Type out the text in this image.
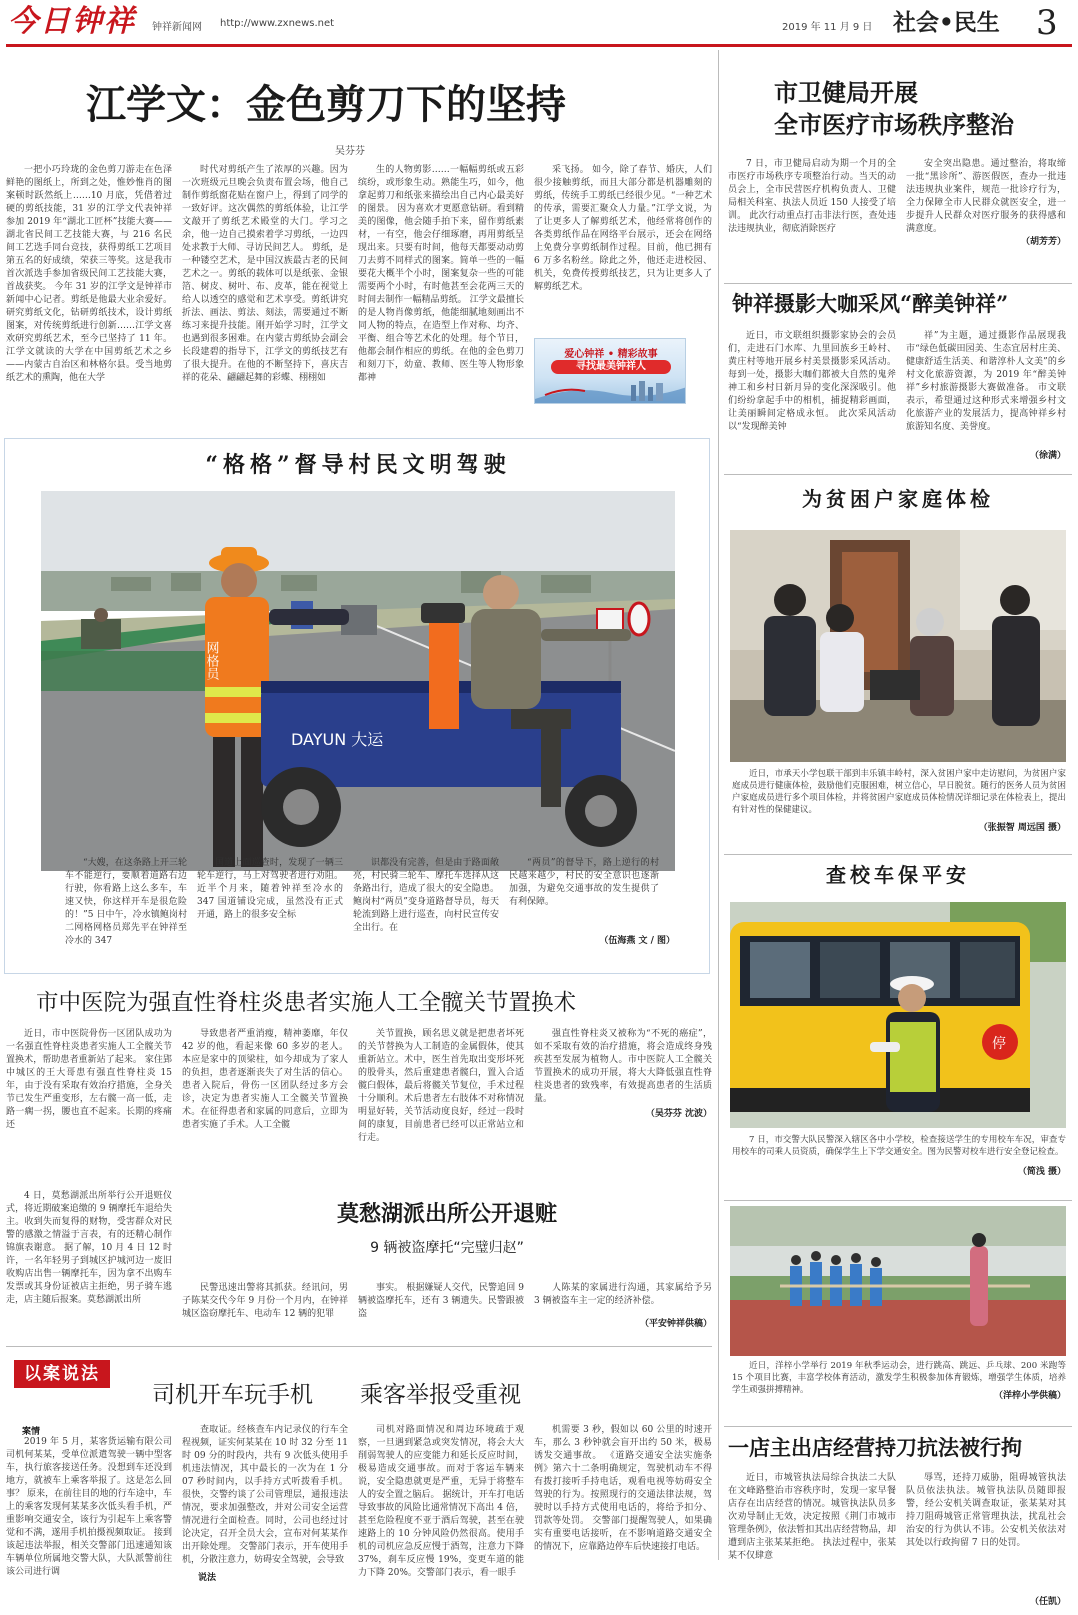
今日钟祥 钟祥新闻网 http://www.zxnews.net	2019 年 11 月 9 日 社会•民生 3
江学文：金色剪刀下的坚持
吴芬芬
一把小巧玲珑的金色剪刀游走在色泽鲜艳的图纸上，所到之处，惟妙惟肖的图案顿时跃然纸上……10 月底，凭借着过硬的剪纸技能，31 岁的江学文代表钟祥参加 2019 年“湖北工匠杯”技能大赛——湖北省民间工艺技能大赛，与 216 名民间工艺选手同台竞技，获得剪纸工艺项目第五名的好成绩，荣获三等奖。这是我市首次派选手参加省级民间工艺技能大赛，首战获奖。 今年 31 岁的江学文是钟祥市新闻中心记者。剪纸是他最大业余爱好。研究剪纸文化，钻研剪纸技术，设计剪纸图案，对传统剪纸进行创新……江学文喜欢研究剪纸艺术，至今已坚持了 11 年。 江学文就读的大学在中国剪纸艺术之乡——内蒙古自治区和林格尔县。受当地剪纸艺术的熏陶，他在大学
时代对剪纸产生了浓厚的兴趣。因为一次班级元旦晚会负责布置会场，他自己制作剪纸窗花贴在窗户上，得到了同学的一致好评。这次偶然的剪纸体验，让江学文敲开了剪纸艺术殿堂的大门。学习之余，他一边自己摸索着学习剪纸，一边四处求教于大师、寻访民间艺人。 剪纸，是一种镂空艺术，是中国汉族最古老的民间艺术之一。剪纸的载体可以是纸张、金银箔、树皮、树叶、布、皮革，能在视觉上给人以透空的感觉和艺术享受。剪纸讲究折法、画法、剪法、刻法，需要通过不断练习来提升技能。刚开始学习时，江学文也遇到很多困难。在内蒙古剪纸协会副会长段建碧的指导下，江学文的剪纸技艺有了很大提升。在他的不断坚持下，喜庆吉祥的花朵、翩翩起舞的彩蝶、栩栩如
生的人物剪影……一幅幅剪纸或五彩缤纷，或形象生动。熟能生巧，如今，他拿起剪刀和纸张来描绘出自己内心最美好的图景。 因为喜欢才更愿意钻研。看到精美的图像，他会随手拍下来，留作剪纸素材，一有空，他会仔细琢磨，再用剪纸呈现出来。只要有时间，他每天都要动动剪刀去剪不同样式的图案。简单一些的一幅要花大概半个小时，图案复杂一些的可能需要两个小时，有时他甚至会花两三天的时间去制作一幅精品剪纸。 江学文最擅长的是人物肖像剪纸，他能细腻地刻画出不同人物的特点，在造型上作对称、均齐、平衡、组合等艺术化的处理。每个节日，他都会制作相应的剪纸。在他的金色剪刀和刻刀下，幼童、教师、医生等人物形象都神
采飞扬。 如今，除了春节、婚庆，人们很少接触剪纸，而且大部分都是机器雕刻的剪纸，传统手工剪纸已经很少见。“一种艺术的传承，需要汇聚众人力量。”江学文说，为了让更多人了解剪纸艺术，他经常将创作的各类剪纸作品在网络平台展示，还会在网络上免费分享剪纸制作过程。目前，他已拥有 6 万多名粉丝。除此之外，他还走进校园、机关，免费传授剪纸技艺，只为让更多人了解剪纸艺术。
爱心钟祥 • 精彩故事
寻找最美钟祥人
市卫健局开展
全市医疗市场秩序整治
7 日，市卫健局启动为期一个月的全市医疗市场秩序专项整治行动。当天的动员会上，全市民营医疗机构负责人、卫健局相关科室、执法人员近 150 人接受了培训。 此次行动重点打击非法行医，查处违法违规执业，彻底消除医疗
安全突出隐患。通过整治，将取缔一批“黑诊所”、游医假医，查办一批违法违规执业案件，规范一批诊疗行为，全力保障全市人民群众就医安全，进一步提升人民群众对医疗服务的获得感和满意度。
（胡芳芳）
钟祥摄影大咖采风“醉美钟祥”
近日，市文联组织摄影家协会的会员们，走进石门水库、九里回族乡王岭村、黄庄村等地开展乡村美景摄影采风活动。 每到一处，摄影大咖们都被大自然的鬼斧神工和乡村日新月异的变化深深吸引。他们纷纷拿起手中的相机，捕捉精彩画面，让美丽瞬间定格成永恒。 此次采风活动以“发现醉美钟
祥”为主题，通过摄影作品展现我市“绿色低碳田园美、生态宜居村庄美、健康舒适生活美、和谐淳朴人文美”的乡村文化旅游资源，为 2019 年“醉美钟祥”乡村旅游摄影大赛做准备。 市文联表示，希望通过这种形式来增强乡村文化旅游产业的发展活力，提高钟祥乡村旅游知名度、美誉度。
（徐满）
“格格”督导村民文明驾驶
网格员
DAYUN 大运
“大嫂，在这条路上开三轮车不能逆行，要顺着道路右边行驶，你看路上这么多车，车速又快，你这样开车是很危险的！”5 日中午，冷水镇鲍岗村二网格网格员郑先平在钟祥至冷水的 347
国道上面巡查时，发现了一辆三轮车逆行，马上对驾驶者进行劝阻。 近半个月来，随着钟祥至冷水的 347 国道铺设完成，虽然没有正式开通，路上的很多安全标
识都没有完善，但是由于路面敞亮，村民骑三轮车、摩托车选择从这条路出行，造成了很大的安全隐患。鲍岗村“两员”变身道路督导员，每天轮流到路上进行巡查，向村民宣传安全出行。在
“两员”的督导下，路上逆行的村民越来越少，村民的安全意识也逐渐加强，为避免交通事故的发生提供了有利保障。
（伍海燕 文 / 图）
为贫困户家庭体检
近日，市承天小学包联干部到丰乐镇丰岭村，深入贫困户家中走访慰问，为贫困户家庭成员进行健康体检，鼓励他们克服困难，树立信心，早日脱贫。随行的医务人员为贫困户家庭成员进行多个项目体检，并将贫困户家庭成员体检情况详细记录在体检表上，提出有针对性的保健建议。
（张振智 周远国 摄）
市中医院为强直性脊柱炎患者实施人工全髋关节置换术
近日，市中医院骨伤一区团队成功为一名强直性脊柱炎患者实施人工全髋关节置换术，帮助患者重新站了起来。 家住郢中城区的王大哥患有强直性脊柱炎 15 年，由于没有采取有效治疗措施，全身关节已发生严重变形，左右髋一高一低，走路一瘸一拐，腰也直不起来。长期的疼痛还
导致患者严重消瘦，精神萎靡，年仅 42 岁的他，看起来像 60 多岁的老人。本应是家中的顶梁柱，如今却成为了家人的负担，患者逐渐丧失了对生活的信心。 患者入院后，骨伤一区团队经过多方会诊，决定为患者实施人工全髋关节置换术。在征得患者和家属的同意后，立即为患者实施了手术。人工全髋
关节置换，顾名思义就是把患者坏死的关节替换为人工制造的金属假体，使其重新站立。术中，医生首先取出变形坏死的股骨头，然后重建患者髋臼，置入合适髋臼假体，最后将髋关节复位，手术过程十分顺利。术后患者左右肢体不对称情况明显好转，关节活动度良好，经过一段时间的康复，目前患者已经可以正常站立和行走。
强直性脊柱炎又被称为“不死的癌症”，如不采取有效的治疗措施，将会造成终身残疾甚至发展为植物人。市中医院人工全髋关节置换术的成功开展，将大大降低强直性脊柱炎患者的致残率，有效提高患者的生活质量。
（吴芬芬 沈波）
查校车保平安
停
7 日，市交警大队民警深入辖区各中小学校，检查接送学生的专用校车车况，审查专用校车的司乘人员资质，确保学生上下学交通安全。图为民警对校车进行安全登记检查。
（简浅 摄）
4 日，莫愁湖派出所举行公开退赃仪式，将近期破案追缴的 9 辆摩托车退给失主。收到失而复得的财物，受害群众对民警的感激之情溢于言表，有的还精心制作锦旗表谢意。 据了解，10 月 4 日 12 时许，一名年轻男子到城区护城河边一废旧收购店出售一辆摩托车，因为拿不出购车发票或其身份证被店主拒绝，男子骑车逃走，店主随后报案。莫愁湖派出所
莫愁湖派出所公开退赃
9 辆被盗摩托“完璧归赵”
民警迅速出警将其抓获。经讯问，男子陈某交代今年 9 月份一个月内，在钟祥城区盗窃摩托车、电动车 12 辆的犯罪
事实。 根据嫌疑人交代，民警追回 9 辆被盗摩托车，还有 3 辆遗失。民警跟被盗
人陈某的家属进行沟通，其家属给予另 3 辆被盗车主一定的经济补偿。
（平安钟祥供稿）
近日，洋梓小学举行 2019 年秋季运动会，进行跳高、跳远、乒乓球、200 米跑等 15 个项目比赛，丰富学校体育活动，激发学生积极参加体育锻炼，增强学生体质，培养学生顽强拼搏精神。
（洋梓小学供稿）
以案说法
司机开车玩手机 乘客举报受重视
案情
2019 年 5 月，某客货运输有限公司司机何某某，受单位派遣驾驶一辆中型客车，执行旅客接送任务。没想到车还没到地方，就被车上乘客举报了。这是怎么回事？ 原来，在前往目的地的行车途中，车上的乘客发现何某某多次低头看手机，严重影响交通安全，该行为引起车上乘客警觉和不满，遂用手机拍摄视频取证。 接到该起违法举报，相关交警部门迅速通知该车辆单位所属地交警大队，大队派警前往该公司进行调
查取证。经核查车内记录仪的行车全程视频，证实何某某在 10 时 32 分至 11 时 09 分的时段内，共有 9 次低头使用手机违法情况，其中最长的一次为在 1 分 07 秒时间内，以手持方式听拨看手机。 很快，交警约谈了公司管理层，通报违法情况，要求加强整改，并对公司安全运营情况进行全面检查。同时，公司也经过讨论决定，召开全员大会，宣布对何某某作出开除处理。 交警部门表示，开车使用手机，分散注意力，妨碍安全驾驶，会导致
说法
司机对路面情况和周边环境疏于观察，一旦遇到紧急或突发情况，将会大大削弱驾驶人的应变能力和延长反应时间，极易造成交通事故。而对于客运车辆来说，安全隐患就更是严重，无异于将整车人的安全置之脑后。 据统计，开车打电话导致事故的风险比通常情况下高出 4 倍，甚至危险程度不亚于酒后驾驶，甚至在驶速路上的 10 分钟风险仍然很高。使用手机的司机应急反应慢于酒驾，注意力下降 37%，刹车反应慢 19%，变更车道的能力下降 20%。交警部门表示，看一眼手
机需要 3 秒，假如以 60 公里的时速开车，那么 3 秒钟就会盲开出约 50 米，极易诱发交通事故。 《道路交通安全法实施条例》第六十二条明确规定，驾驶机动车不得有拨打接听手持电话，观看电视等妨碍安全驾驶的行为。按照现行的交通法律法规，驾驶时以手持方式使用电话的，将给予扣分、罚款等处罚。 交警部门提醒驾驶人，如果确实有重要电话接听，在不影响道路交通安全的情况下，应靠路边停车后快速接打电话。
一店主出店经营持刀抗法被行拘
近日，市城管执法局综合执法二大队在文峰路整治市容秩序时，发现一家早餐店存在出店经营的情况。城管执法队员多次劝导制止无效，决定按照《荆门市城市管理条例》，依法暂扣其出店经营物品，却遭到店主张某某拒绝。 执法过程中，张某某不仅肆意
辱骂，还持刀威胁，阻碍城管执法队员依法执法。城管执法队员随即报警，经公安机关调查取证，张某某对其持刀阻碍城管正常管理执法，扰乱社会治安的行为供认不讳。公安机关依法对其处以行政拘留 7 日的处罚。
（任凯）
